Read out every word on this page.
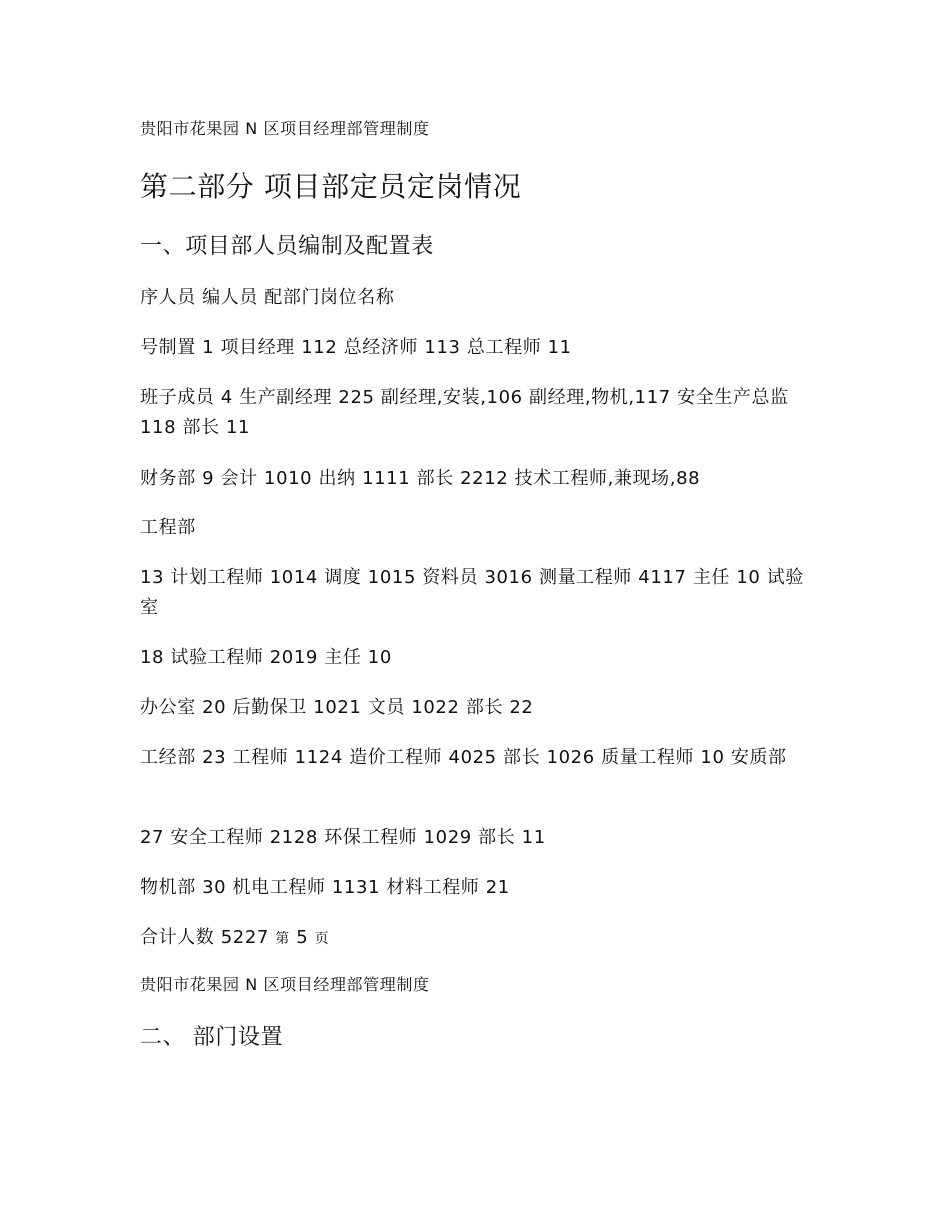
贵阳市花果园 N 区项目经理部管理制度
第二部分 项目部定员定岗情况
一、项目部人员编制及配置表
序人员 编人员 配部门岗位名称
号制置 1 项目经理 112 总经济师 113 总工程师 11
班子成员 4 生产副经理 225 副经理,安装,106 副经理,物机,117 安全生产总监 118 部长 11
财务部 9 会计 1010 出纳 1111 部长 2212 技术工程师,兼现场,88
工程部
13 计划工程师 1014 调度 1015 资料员 3016 测量工程师 4117 主任 10 试验室
18 试验工程师 2019 主任 10
办公室 20 后勤保卫 1021 文员 1022 部长 22
工经部 23 工程师 1124 造价工程师 4025 部长 1026 质量工程师 10 安质部
27 安全工程师 2128 环保工程师 1029 部长 11
物机部 30 机电工程师 1131 材料工程师 21
合计人数 5227 第 5 页
贵阳市花果园 N 区项目经理部管理制度
二、 部门设置
